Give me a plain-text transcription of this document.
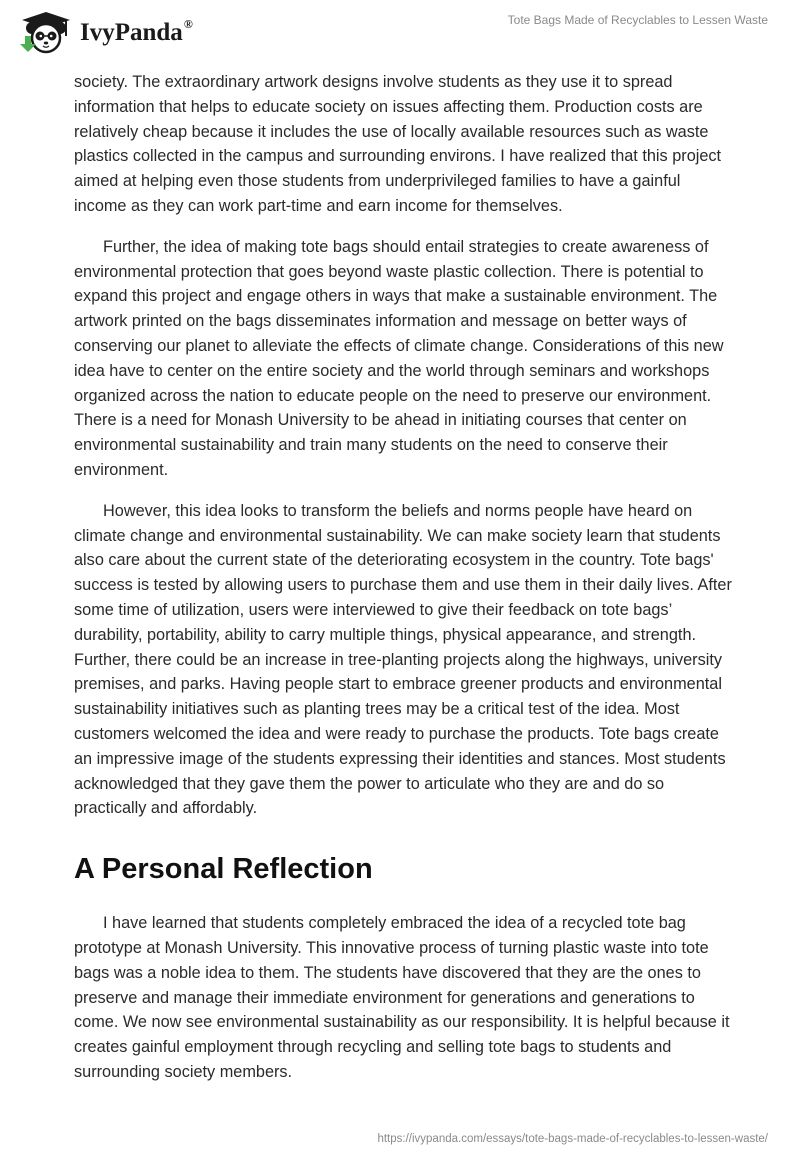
IvyPanda®	Tote Bags Made of Recyclables to Lessen Waste

society. The extraordinary artwork designs involve students as they use it to spread information that helps to educate society on issues affecting them. Production costs are relatively cheap because it includes the use of locally available resources such as waste plastics collected in the campus and surrounding environs. I have realized that this project aimed at helping even those students from underprivileged families to have a gainful income as they can work part-time and earn income for themselves.

Further, the idea of making tote bags should entail strategies to create awareness of environmental protection that goes beyond waste plastic collection. There is potential to expand this project and engage others in ways that make a sustainable environment. The artwork printed on the bags disseminates information and message on better ways of conserving our planet to alleviate the effects of climate change. Considerations of this new idea have to center on the entire society and the world through seminars and workshops organized across the nation to educate people on the need to preserve our environment. There is a need for Monash University to be ahead in initiating courses that center on environmental sustainability and train many students on the need to conserve their environment.

However, this idea looks to transform the beliefs and norms people have heard on climate change and environmental sustainability. We can make society learn that students also care about the current state of the deteriorating ecosystem in the country. Tote bags' success is tested by allowing users to purchase them and use them in their daily lives. After some time of utilization, users were interviewed to give their feedback on tote bags’ durability, portability, ability to carry multiple things, physical appearance, and strength. Further, there could be an increase in tree-planting projects along the highways, university premises, and parks. Having people start to embrace greener products and environmental sustainability initiatives such as planting trees may be a critical test of the idea. Most customers welcomed the idea and were ready to purchase the products. Tote bags create an impressive image of the students expressing their identities and stances. Most students acknowledged that they gave them the power to articulate who they are and do so practically and affordably.

A Personal Reflection

I have learned that students completely embraced the idea of a recycled tote bag prototype at Monash University. This innovative process of turning plastic waste into tote bags was a noble idea to them. The students have discovered that they are the ones to preserve and manage their immediate environment for generations and generations to come. We now see environmental sustainability as our responsibility. It is helpful because it creates gainful employment through recycling and selling tote bags to students and surrounding society members.

https://ivypanda.com/essays/tote-bags-made-of-recyclables-to-lessen-waste/
